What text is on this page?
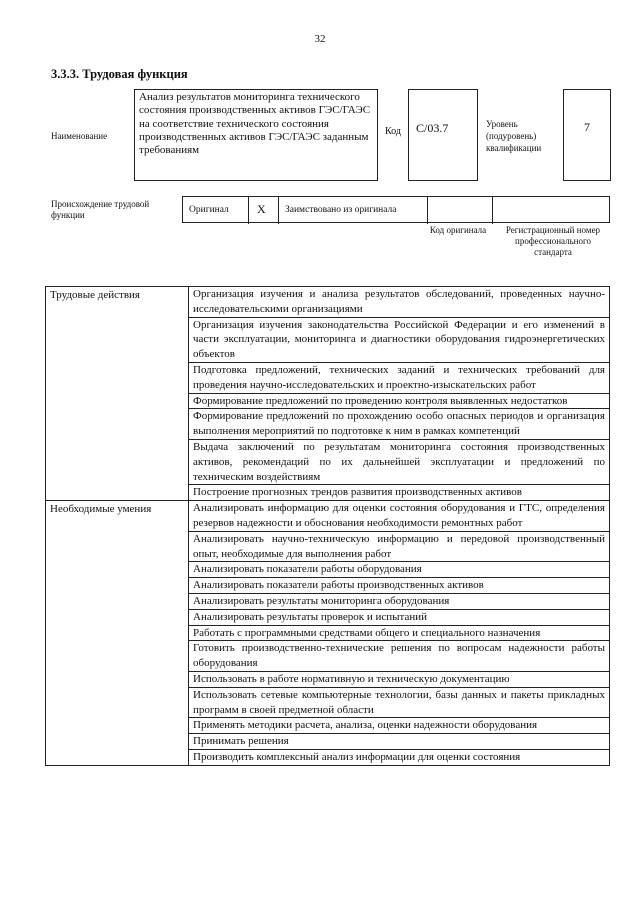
32
3.3.3. Трудовая функция
Наименование
Анализ результатов мониторинга технического состояния производственных активов ГЭС/ГАЭС на соответствие технического состояния производственных активов ГЭС/ГАЭС заданным требованиям
Код	C/03.7	Уровень (подуровень) квалификации
7
Происхождение трудовой функции	Оригинал	X	Заимствовано из оригинала
Код оригинала	Регистрационный номер профессионального стандарта
Трудовые действия	Организация изучения и анализа результатов обследований, проведенных научно-исследовательскими организациями
	Организация изучения законодательства Российской Федерации и его изменений в части эксплуатации, мониторинга и диагностики оборудования гидроэнергетических объектов
	Подготовка предложений, технических заданий и технических требований для проведения научно-исследовательских и проектно-изыскательских работ
	Формирование предложений по проведению контроля выявленных недостатков
	Формирование предложений по прохождению особо опасных периодов и организация выполнения мероприятий по подготовке к ним в рамках компетенций
	Выдача заключений по результатам мониторинга состояния производственных активов, рекомендаций по их дальнейшей эксплуатации и предложений по техническим воздействиям
	Построение прогнозных трендов развития производственных активов
Необходимые умения	Анализировать информацию для оценки состояния оборудования и ГТС, определения резервов надежности и обоснования необходимости ремонтных работ
	Анализировать научно-техническую информацию и передовой производственный опыт, необходимые для выполнения работ
	Анализировать показатели работы оборудования
	Анализировать показатели работы производственных активов
	Анализировать результаты мониторинга оборудования
	Анализировать результаты проверок и испытаний
	Работать с программными средствами общего и специального назначения
	Готовить производственно-технические решения по вопросам надежности работы оборудования
	Использовать в работе нормативную и техническую документацию
	Использовать сетевые компьютерные технологии, базы данных и пакеты прикладных программ в своей предметной области
	Применять методики расчета, анализа, оценки надежности оборудования
	Принимать решения
	Производить комплексный анализ информации для оценки состояния
